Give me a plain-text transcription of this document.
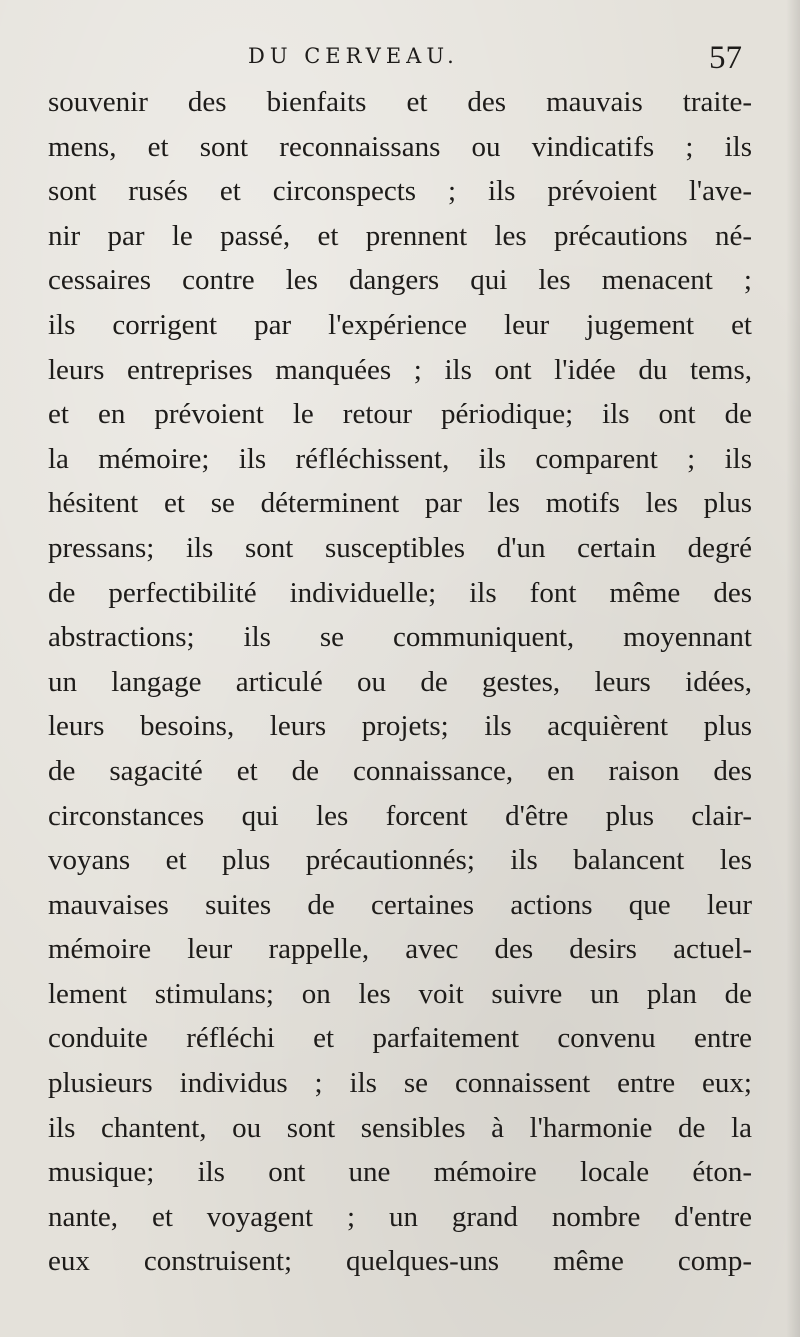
DU CERVEAU.	57
souvenir des bienfaits et des mauvais traite-
mens, et sont reconnaissans ou vindicatifs ; ils
sont rusés et circonspects ; ils prévoient l'ave-
nir par le passé, et prennent les précautions né-
cessaires contre les dangers qui les menacent ;
ils corrigent par l'expérience leur jugement et
leurs entreprises manquées ; ils ont l'idée du tems,
et en prévoient le retour périodique; ils ont de
la mémoire; ils réfléchissent, ils comparent ; ils
hésitent et se déterminent par les motifs les plus
pressans; ils sont susceptibles d'un certain degré
de perfectibilité individuelle; ils font même des
abstractions; ils se communiquent, moyennant
un langage articulé ou de gestes, leurs idées,
leurs besoins, leurs projets; ils acquièrent plus
de sagacité et de connaissance, en raison des
circonstances qui les forcent d'être plus clair-
voyans et plus précautionnés; ils balancent les
mauvaises suites de certaines actions que leur
mémoire leur rappelle, avec des desirs actuel-
lement stimulans; on les voit suivre un plan de
conduite réfléchi et parfaitement convenu entre
plusieurs individus ; ils se connaissent entre eux;
ils chantent, ou sont sensibles à l'harmonie de la
musique; ils ont une mémoire locale éton-
nante, et voyagent ; un grand nombre d'entre
eux construisent; quelques-uns même comp-
